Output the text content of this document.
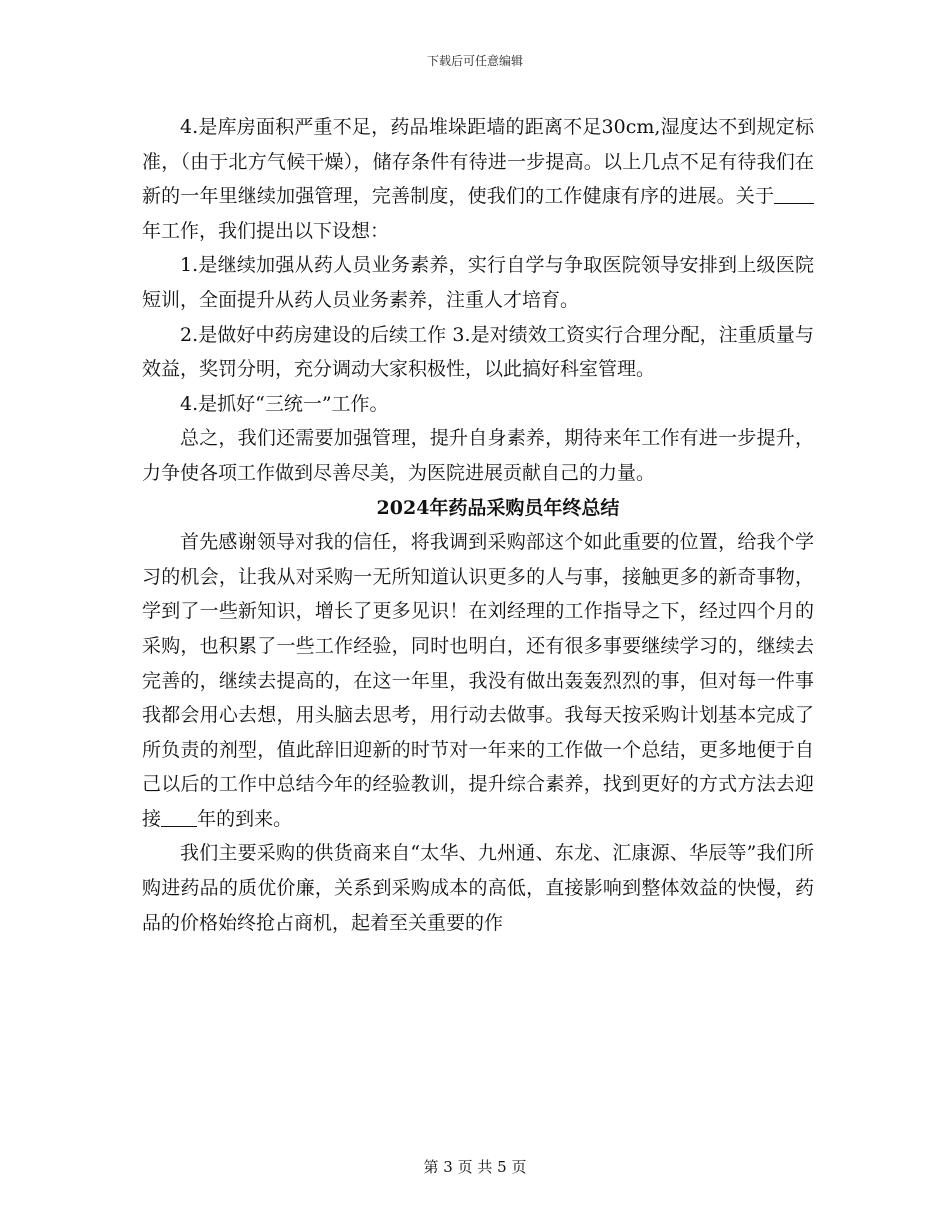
下载后可任意编辑

4.是库房面积严重不足，药品堆垛距墙的距离不足30cm,湿度达不到规定标准，（由于北方气候干燥），储存条件有待进一步提高。以上几点不足有待我们在新的一年里继续加强管理，完善制度，使我们的工作健康有序的进展。关于年工作，我们提出以下设想：

1.是继续加强从药人员业务素养，实行自学与争取医院领导安排到上级医院短训，全面提升从药人员业务素养，注重人才培育。

2.是做好中药房建设的后续工作 3.是对绩效工资实行合理分配，注重质量与效益，奖罚分明，充分调动大家积极性，以此搞好科室管理。

4.是抓好“三统一”工作。

总之，我们还需要加强管理，提升自身素养，期待来年工作有进一步提升，力争使各项工作做到尽善尽美，为医院进展贡献自己的力量。

2024年药品采购员年终总结

首先感谢领导对我的信任，将我调到采购部这个如此重要的位置，给我个学习的机会，让我从对采购一无所知道认识更多的人与事，接触更多的新奇事物，学到了一些新知识，增长了更多见识！在刘经理的工作指导之下，经过四个月的采购，也积累了一些工作经验，同时也明白，还有很多事要继续学习的，继续去完善的，继续去提高的，在这一年里，我没有做出轰轰烈烈的事，但对每一件事我都会用心去想，用头脑去思考，用行动去做事。我每天按采购计划基本完成了所负责的剂型，值此辞旧迎新的时节对一年来的工作做一个总结，更多地便于自己以后的工作中总结今年的经验教训，提升综合素养，找到更好的方式方法去迎接 年的到来。

我们主要采购的供货商来自“太华、九州通、东龙、汇康源、华辰等”我们所购进药品的质优价廉，关系到采购成本的高低，直接影响到整体效益的快慢，药品的价格始终抢占商机，起着至关重要的作

第 3 页 共 5 页
